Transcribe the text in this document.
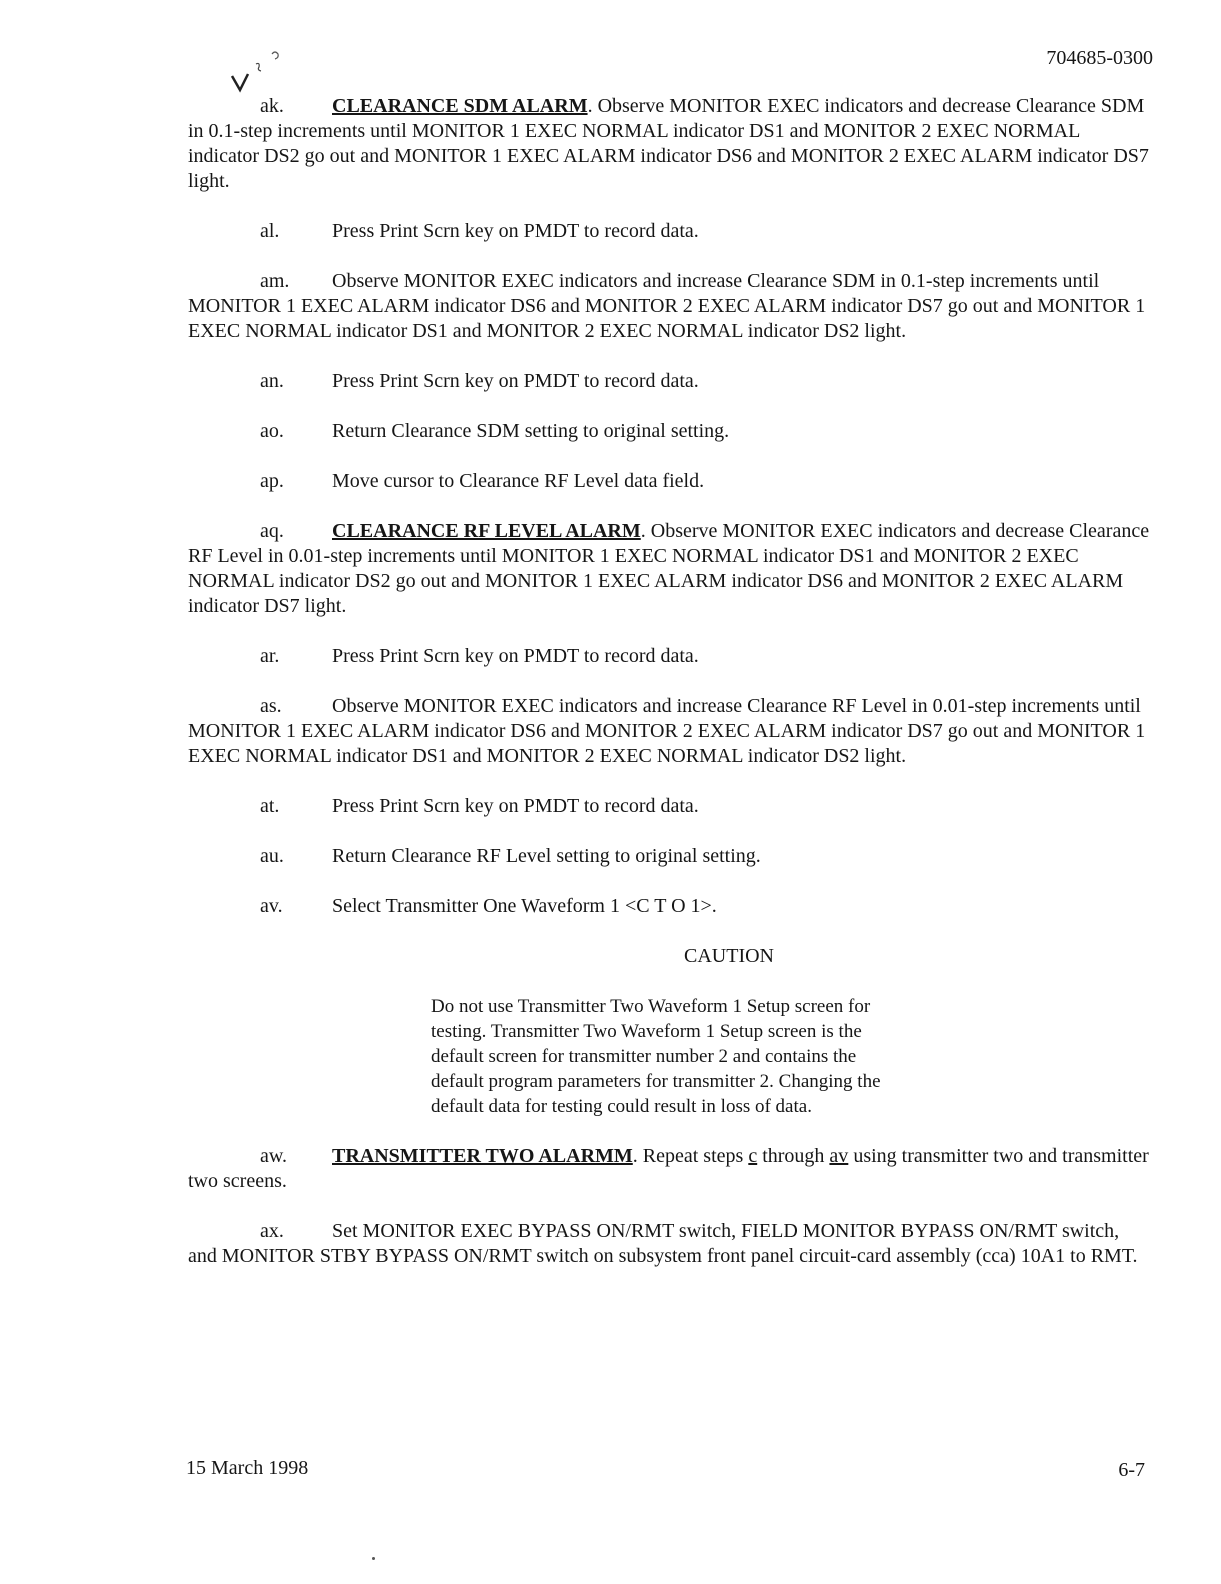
704685-0300

ak. CLEARANCE SDM ALARM. Observe MONITOR EXEC indicators and decrease Clearance SDM in 0.1-step increments until MONITOR 1 EXEC NORMAL indicator DS1 and MONITOR 2 EXEC NORMAL indicator DS2 go out and MONITOR 1 EXEC ALARM indicator DS6 and MONITOR 2 EXEC ALARM indicator DS7 light.

al.	Press Print Scrn key on PMDT to record data.

am. Observe MONITOR EXEC indicators and increase Clearance SDM in 0.1-step increments until MONITOR 1 EXEC ALARM indicator DS6 and MONITOR 2 EXEC ALARM indicator DS7 go out and MONITOR 1 EXEC NORMAL indicator DS1 and MONITOR 2 EXEC NORMAL indicator DS2 light.

an. Press Print Scrn key on PMDT to record data.

ao. Return Clearance SDM setting to original setting.

ap. Move cursor to Clearance RF Level data field.

aq. CLEARANCE RF LEVEL ALARM. Observe MONITOR EXEC indicators and decrease Clearance RF Level in 0.01-step increments until MONITOR 1 EXEC NORMAL indicator DS1 and MONITOR 2 EXEC NORMAL indicator DS2 go out and MONITOR 1 EXEC ALARM indicator DS6 and MONITOR 2 EXEC ALARM indicator DS7 light.

ar.	Press Print Scrn key on PMDT to record data.

as.	Observe MONITOR EXEC indicators and increase Clearance RF Level in 0.01-step increments until MONITOR 1 EXEC ALARM indicator DS6 and MONITOR 2 EXEC ALARM indicator DS7 go out and MONITOR 1 EXEC NORMAL indicator DS1 and MONITOR 2 EXEC NORMAL indicator DS2 light.

at.	Press Print Scrn key on PMDT to record data.

au. Return Clearance RF Level setting to original setting.

av. Select Transmitter One Waveform 1 <C T O 1>.

CAUTION

Do not use Transmitter Two Waveform 1 Setup screen for testing. Transmitter Two Waveform 1 Setup screen is the default screen for transmitter number 2 and contains the default program parameters for transmitter 2. Changing the default data for testing could result in loss of data.

aw. TRANSMITTER TWO ALARMM. Repeat steps c through av using transmitter two and transmitter two screens.

ax. Set MONITOR EXEC BYPASS ON/RMT switch, FIELD MONITOR BYPASS ON/RMT switch, and MONITOR STBY BYPASS ON/RMT switch on subsystem front panel circuit-card assembly (cca) 10A1 to RMT.

15 March 1998	6-7
